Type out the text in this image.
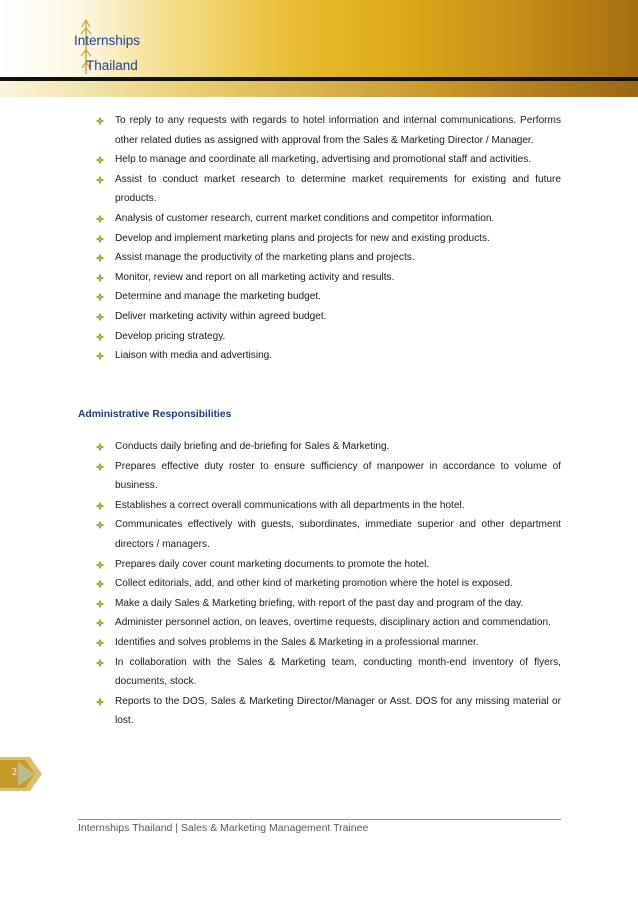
Internships
Thailand
To reply to any requests with regards to hotel information and internal communications. Performs other related duties as assigned with approval from the Sales & Marketing Director / Manager.
Help to manage and coordinate all marketing, advertising and promotional staff and activities.
Assist to conduct market research to determine market requirements for existing and future products.
Analysis of customer research, current market conditions and competitor information.
Develop and implement marketing plans and projects for new and existing products.
Assist manage the productivity of the marketing plans and projects.
Monitor, review and report on all marketing activity and results.
Determine and manage the marketing budget.
Deliver marketing activity within agreed budget.
Develop pricing strategy.
Liaison with media and advertising.
Administrative Responsibilities
Conducts daily briefing and de-briefing for Sales & Marketing.
Prepares effective duty roster to ensure sufficiency of manpower in accordance to volume of business.
Establishes a correct overall communications with all departments in the hotel.
Communicates effectively with guests, subordinates, immediate superior and other department directors / managers.
Prepares daily cover count marketing documents to promote the hotel.
Collect editorials, add, and other kind of marketing promotion where the hotel is exposed.
Make a daily Sales & Marketing briefing, with report of the past day and program of the day.
Administer personnel action, on leaves, overtime requests, disciplinary action and commendation.
Identifies and solves problems in the Sales & Marketing in a professional manner.
In collaboration with the Sales & Marketing team, conducting month-end inventory of flyers, documents, stock.
Reports to the DOS, Sales & Marketing Director/Manager or Asst. DOS for any missing material or lost.
2
Internships Thailand | Sales & Marketing Management Trainee
